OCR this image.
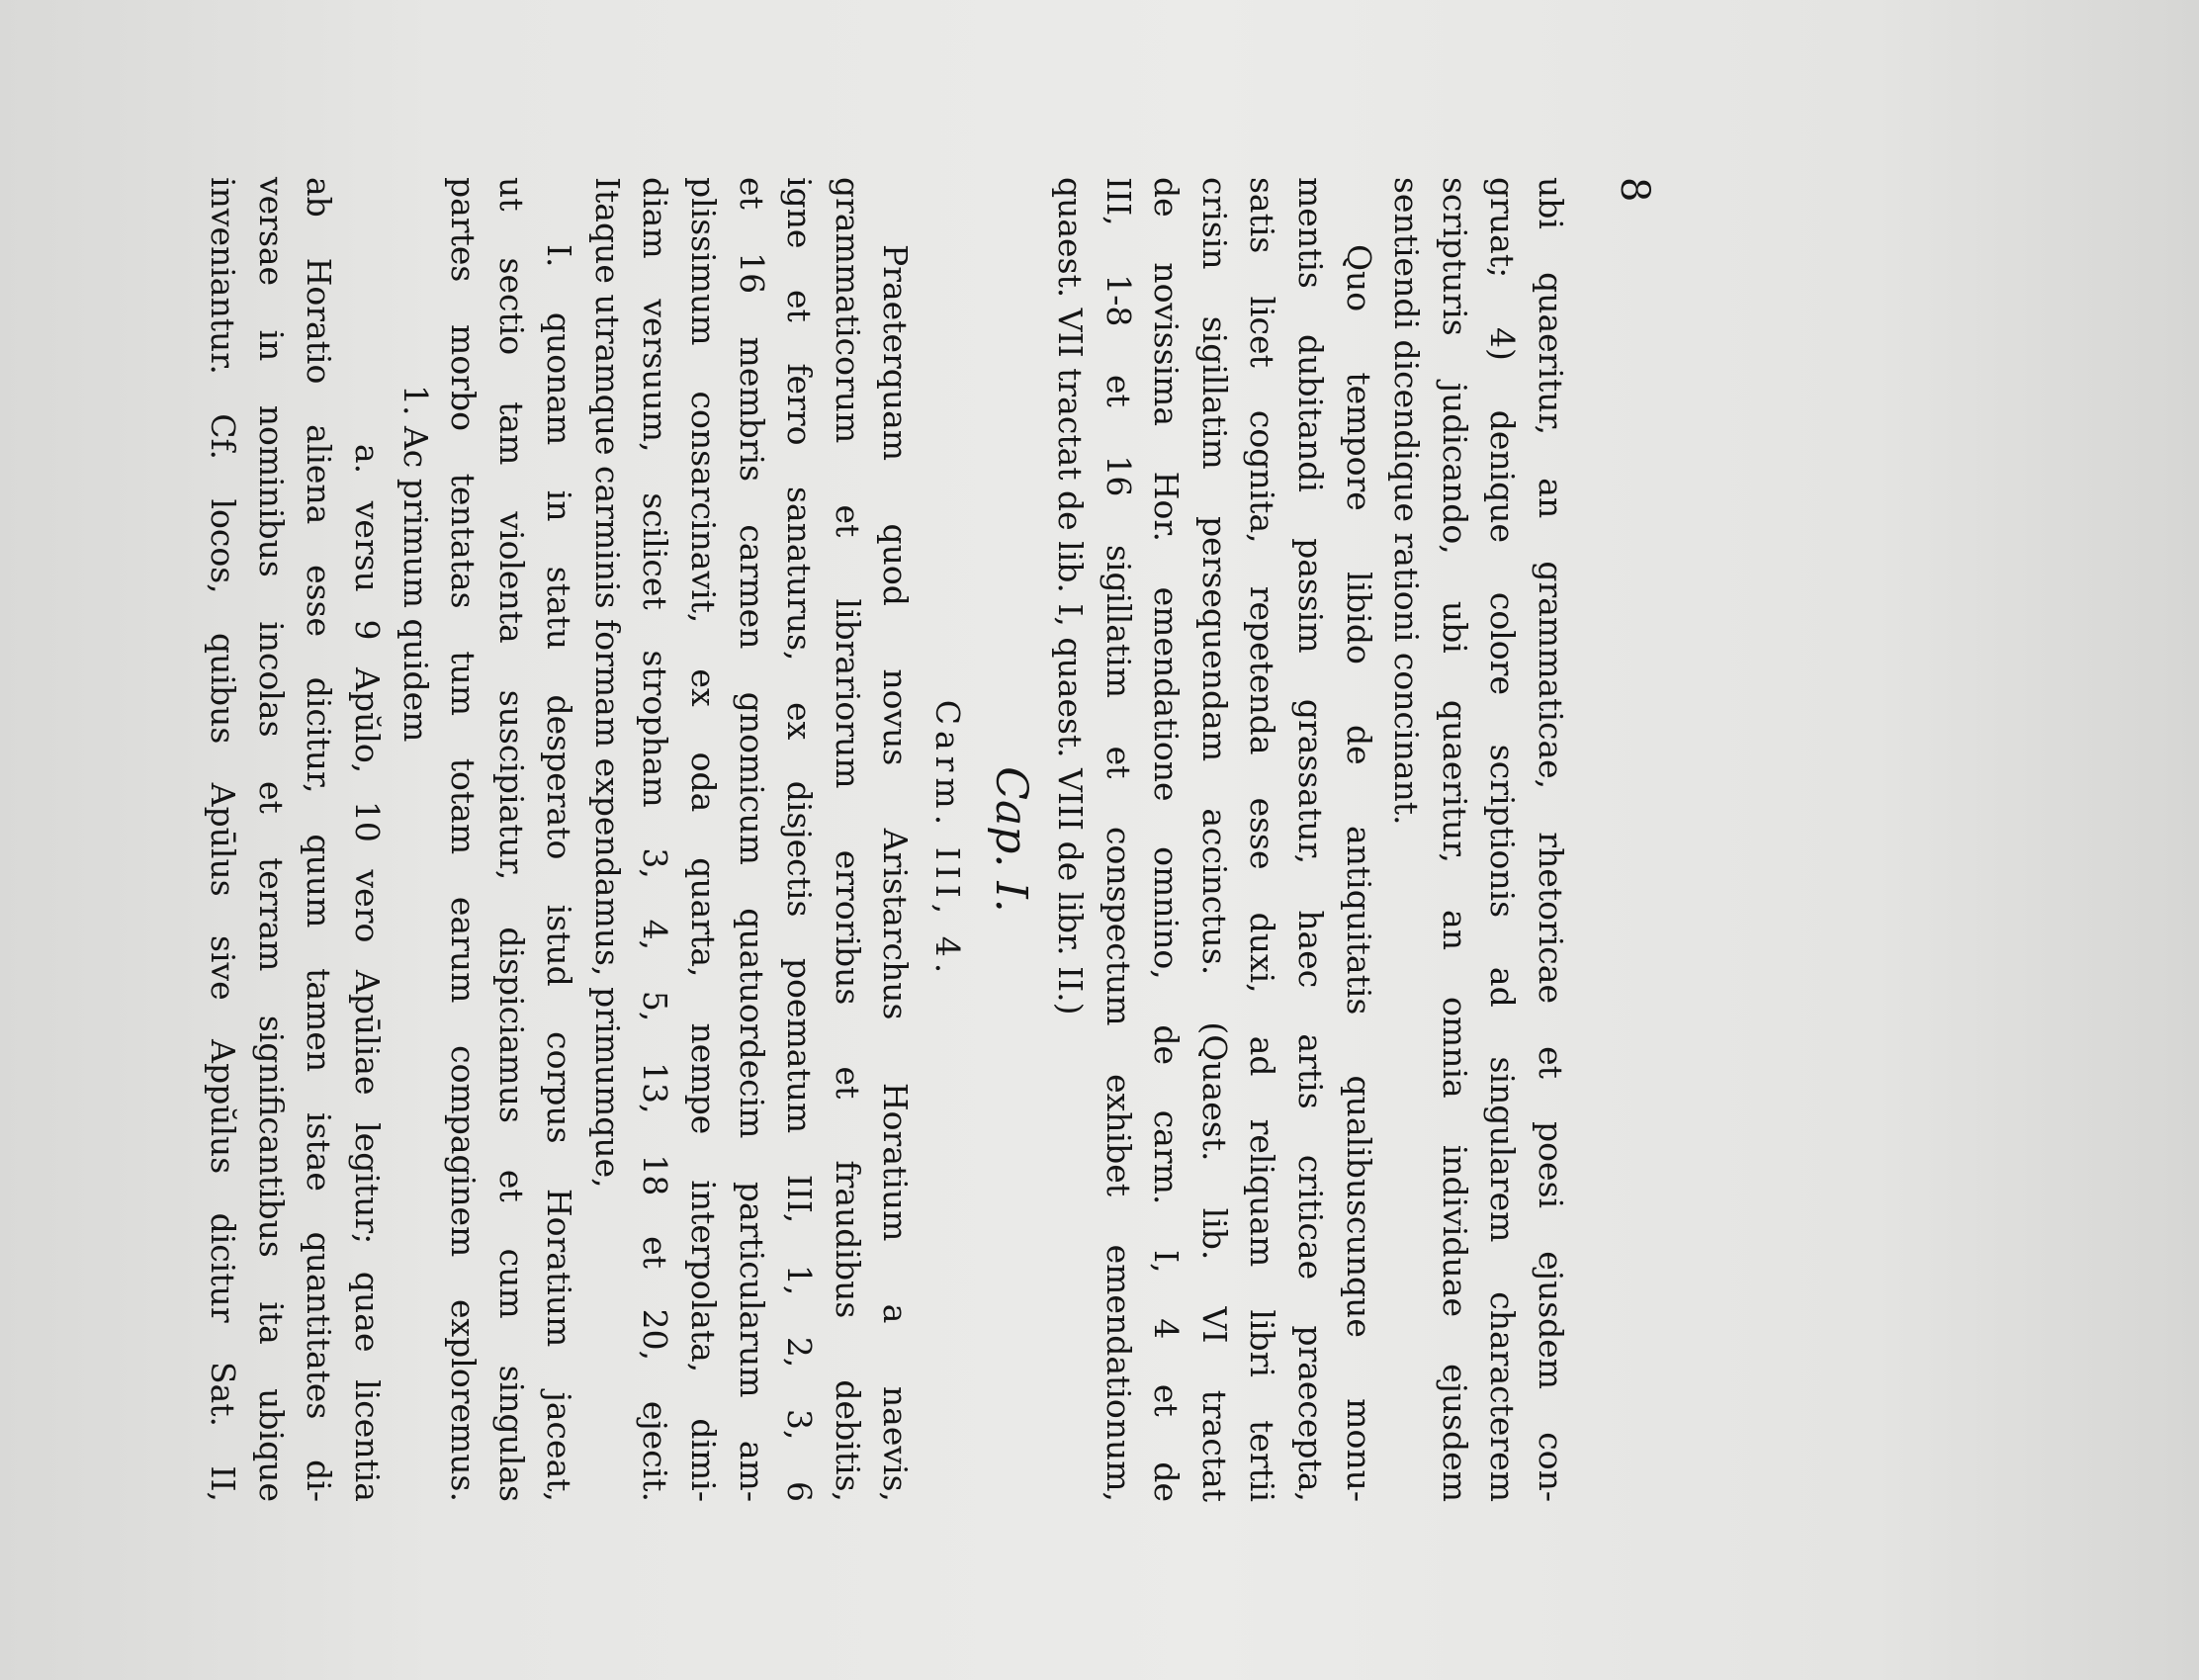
8
ubi quaeritur, an grammaticae, rhetoricae et poesi ejusdem con-
gruat; 4) denique colore scriptionis ad singularem characterem
scripturis judicando, ubi quaeritur, an omnia individuae ejusdem
sentiendi dicendique rationi concinant.
Quo tempore libido de antiquitatis qualibuscunque monu-
mentis dubitandi passim grassatur, haec artis criticae praecepta,
satis licet cognita, repetenda esse duxi, ad reliquam libri tertii
crisin sigillatim persequendam accinctus. (Quaest. lib. VI tractat
de novissima Hor. emendatione omnino, de carm. I, 4 et de
III, 1-8 et 16 sigillatim et conspectum exhibet emendationum,
quaest. VII tractat de lib. I, quaest. VIII de libr. II.)
Cap. I.
Carm. III, 4.
Praeterquam quod novus Aristarchus Horatium a naevis,
grammaticorum et librariorum erroribus et fraudibus debitis,
igne et ferro sanaturus, ex disjectis poematum III, 1, 2, 3, 6
et 16 membris carmen gnomicum quatuordecim particularum am-
plissimum consarcinavit, ex oda quarta, nempe interpolata, dimi-
diam versuum, scilicet stropham 3, 4, 5, 13, 18 et 20, ejecit.
Itaque utramque carminis formam expendamus, primumque,
I. quonam in statu desperato istud corpus Horatium jaceat,
ut sectio tam violenta suscipiatur, dispiciamus et cum singulas
partes morbo tentatas tum totam earum compaginem exploremus.
1. Ac primum quidem
a. versu 9 Apŭlo, 10 vero Apūliae legitur; quae licentia
ab Horatio aliena esse dicitur, quum tamen istae quantitates di-
versae in nominibus incolas et terram significantibus ita ubique
inveniantur. Cf. locos, quibus Apūlus sive Appŭlus dicitur Sat. II,
